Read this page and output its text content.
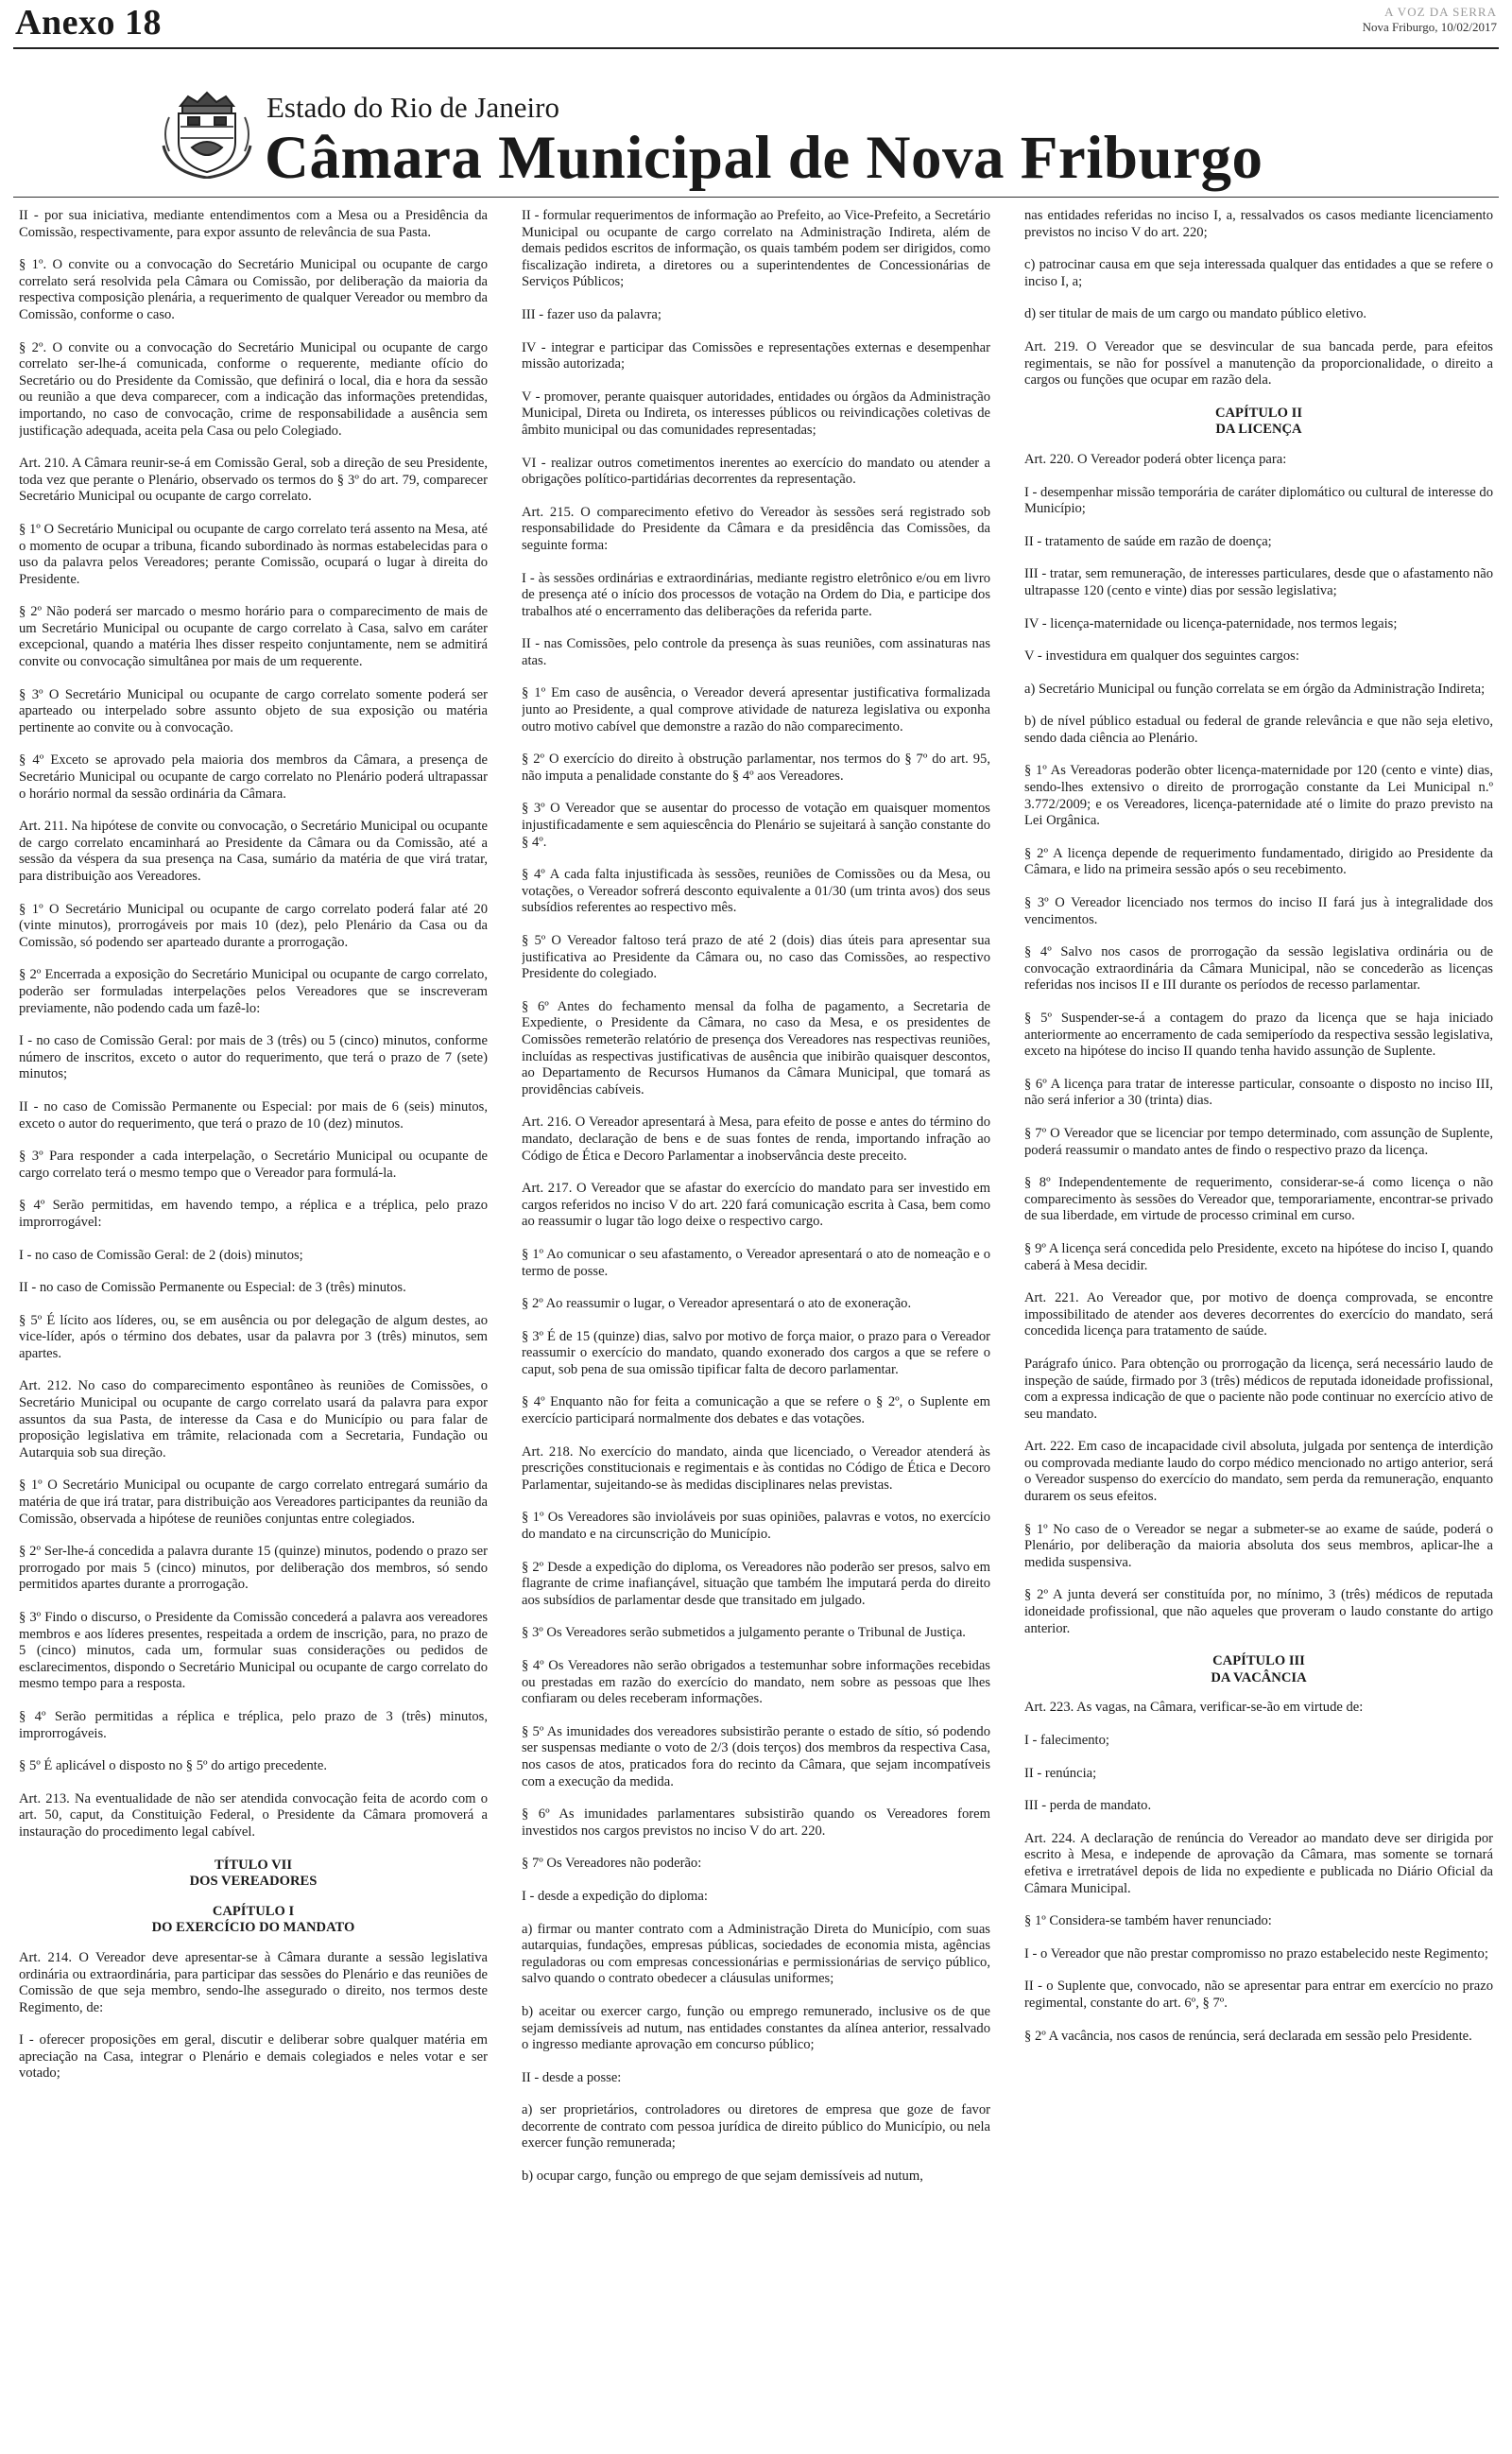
Anexo 18	A VOZ DA SERRA
Nova Friburgo, 10/02/2017
Estado do Rio de Janeiro
Câmara Municipal de Nova Friburgo

II - por sua iniciativa, mediante entendimentos com a Mesa ou a Presidência da Comissão, respectivamente, para expor assunto de relevância de sua Pasta.

§ 1º. O convite ou a convocação do Secretário Municipal ou ocupante de cargo correlato será resolvida pela Câmara ou Comissão, por deliberação da maioria da respectiva composição plenária, a requerimento de qualquer Vereador ou membro da Comissão, conforme o caso.

§ 2º. O convite ou a convocação do Secretário Municipal ou ocupante de cargo correlato ser-lhe-á comunicada, conforme o requerente, mediante ofício do Secretário ou do Presidente da Comissão, que definirá o local, dia e hora da sessão ou reunião a que deva comparecer, com a indicação das informações pretendidas, importando, no caso de convocação, crime de responsabilidade a ausência sem justificação adequada, aceita pela Casa ou pelo Colegiado.

Art. 210. A Câmara reunir-se-á em Comissão Geral, sob a direção de seu Presidente, toda vez que perante o Plenário, observado os termos do § 3º do art. 79, comparecer Secretário Municipal ou ocupante de cargo correlato.

§ 1º O Secretário Municipal ou ocupante de cargo correlato terá assento na Mesa, até o momento de ocupar a tribuna, ficando subordinado às normas estabelecidas para o uso da palavra pelos Vereadores; perante Comissão, ocupará o lugar à direita do Presidente.

§ 2º Não poderá ser marcado o mesmo horário para o comparecimento de mais de um Secretário Municipal ou ocupante de cargo correlato à Casa, salvo em caráter excepcional, quando a matéria lhes disser respeito conjuntamente, nem se admitirá convite ou convocação simultânea por mais de um requerente.

§ 3º O Secretário Municipal ou ocupante de cargo correlato somente poderá ser aparteado ou interpelado sobre assunto objeto de sua exposição ou matéria pertinente ao convite ou à convocação.

§ 4º Exceto se aprovado pela maioria dos membros da Câmara, a presença de Secretário Municipal ou ocupante de cargo correlato no Plenário poderá ultrapassar o horário normal da sessão ordinária da Câmara.

Art. 211. Na hipótese de convite ou convocação, o Secretário Municipal ou ocupante de cargo correlato encaminhará ao Presidente da Câmara ou da Comissão, até a sessão da véspera da sua presença na Casa, sumário da matéria de que virá tratar, para distribuição aos Vereadores.

§ 1º O Secretário Municipal ou ocupante de cargo correlato poderá falar até 20 (vinte minutos), prorrogáveis por mais 10 (dez), pelo Plenário da Casa ou da Comissão, só podendo ser aparteado durante a prorrogação.

§ 2º Encerrada a exposição do Secretário Municipal ou ocupante de cargo correlato, poderão ser formuladas interpelações pelos Vereadores que se inscreveram previamente, não podendo cada um fazê-lo:

I - no caso de Comissão Geral: por mais de 3 (três) ou 5 (cinco) minutos, conforme número de inscritos, exceto o autor do requerimento, que terá o prazo de 7 (sete) minutos;

II - no caso de Comissão Permanente ou Especial: por mais de 6 (seis) minutos, exceto o autor do requerimento, que terá o prazo de 10 (dez) minutos.

§ 3º Para responder a cada interpelação, o Secretário Municipal ou ocupante de cargo correlato terá o mesmo tempo que o Vereador para formulá-la.

§ 4º Serão permitidas, em havendo tempo, a réplica e a tréplica, pelo prazo improrrogável:

I - no caso de Comissão Geral: de 2 (dois) minutos;

II - no caso de Comissão Permanente ou Especial: de 3 (três) minutos.

§ 5º É lícito aos líderes, ou, se em ausência ou por delegação de algum destes, ao vice-líder, após o término dos debates, usar da palavra por 3 (três) minutos, sem apartes.

Art. 212. No caso do comparecimento espontâneo às reuniões de Comissões, o Secretário Municipal ou ocupante de cargo correlato usará da palavra para expor assuntos da sua Pasta, de interesse da Casa e do Município ou para falar de proposição legislativa em trâmite, relacionada com a Secretaria, Fundação ou Autarquia sob sua direção.

§ 1º O Secretário Municipal ou ocupante de cargo correlato entregará sumário da matéria de que irá tratar, para distribuição aos Vereadores participantes da reunião da Comissão, observada a hipótese de reuniões conjuntas entre colegiados.

§ 2º Ser-lhe-á concedida a palavra durante 15 (quinze) minutos, podendo o prazo ser prorrogado por mais 5 (cinco) minutos, por deliberação dos membros, só sendo permitidos apartes durante a prorrogação.

§ 3º Findo o discurso, o Presidente da Comissão concederá a palavra aos vereadores membros e aos líderes presentes, respeitada a ordem de inscrição, para, no prazo de 5 (cinco) minutos, cada um, formular suas considerações ou pedidos de esclarecimentos, dispondo o Secretário Municipal ou ocupante de cargo correlato do mesmo tempo para a resposta.

§ 4º Serão permitidas a réplica e tréplica, pelo prazo de 3 (três) minutos, improrrogáveis.

§ 5º É aplicável o disposto no § 5º do artigo precedente.

Art. 213. Na eventualidade de não ser atendida convocação feita de acordo com o art. 50, caput, da Constituição Federal, o Presidente da Câmara promoverá a instauração do procedimento legal cabível.

TÍTULO VII
DOS VEREADORES

CAPÍTULO I
DO EXERCÍCIO DO MANDATO

Art. 214. O Vereador deve apresentar-se à Câmara durante a sessão legislativa ordinária ou extraordinária, para participar das sessões do Plenário e das reuniões de Comissão de que seja membro, sendo-lhe assegurado o direito, nos termos deste Regimento, de:

I - oferecer proposições em geral, discutir e deliberar sobre qualquer matéria em apreciação na Casa, integrar o Plenário e demais colegiados e neles votar e ser votado;

II - formular requerimentos de informação ao Prefeito, ao Vice-Prefeito, a Secretário Municipal ou ocupante de cargo correlato na Administração Indireta, além de demais pedidos escritos de informação, os quais também podem ser dirigidos, como fiscalização indireta, a diretores ou a superintendentes de Concessionárias de Serviços Públicos;

III - fazer uso da palavra;

IV - integrar e participar das Comissões e representações externas e desempenhar missão autorizada;

V - promover, perante quaisquer autoridades, entidades ou órgãos da Administração Municipal, Direta ou Indireta, os interesses públicos ou reivindicações coletivas de âmbito municipal ou das comunidades representadas;

VI - realizar outros cometimentos inerentes ao exercício do mandato ou atender a obrigações político-partidárias decorrentes da representação.

Art. 215. O comparecimento efetivo do Vereador às sessões será registrado sob responsabilidade do Presidente da Câmara e da presidência das Comissões, da seguinte forma:

I - às sessões ordinárias e extraordinárias, mediante registro eletrônico e/ou em livro de presença até o início dos processos de votação na Ordem do Dia, e participe dos trabalhos até o encerramento das deliberações da referida parte.

II - nas Comissões, pelo controle da presença às suas reuniões, com assinaturas nas atas.

§ 1º Em caso de ausência, o Vereador deverá apresentar justificativa formalizada junto ao Presidente, a qual comprove atividade de natureza legislativa ou exponha outro motivo cabível que demonstre a razão do não comparecimento.

§ 2º O exercício do direito à obstrução parlamentar, nos termos do § 7º do art. 95, não imputa a penalidade constante do § 4º aos Vereadores.

§ 3º O Vereador que se ausentar do processo de votação em quaisquer momentos injustificadamente e sem aquiescência do Plenário se sujeitará à sanção constante do § 4º.

§ 4º A cada falta injustificada às sessões, reuniões de Comissões ou da Mesa, ou votações, o Vereador sofrerá desconto equivalente a 01/30 (um trinta avos) dos seus subsídios referentes ao respectivo mês.

§ 5º O Vereador faltoso terá prazo de até 2 (dois) dias úteis para apresentar sua justificativa ao Presidente da Câmara ou, no caso das Comissões, ao respectivo Presidente do colegiado.

§ 6º Antes do fechamento mensal da folha de pagamento, a Secretaria de Expediente, o Presidente da Câmara, no caso da Mesa, e os presidentes de Comissões remeterão relatório de presença dos Vereadores nas respectivas reuniões, incluídas as respectivas justificativas de ausência que inibirão quaisquer descontos, ao Departamento de Recursos Humanos da Câmara Municipal, que tomará as providências cabíveis.

Art. 216. O Vereador apresentará à Mesa, para efeito de posse e antes do término do mandato, declaração de bens e de suas fontes de renda, importando infração ao Código de Ética e Decoro Parlamentar a inobservância deste preceito.

Art. 217. O Vereador que se afastar do exercício do mandato para ser investido em cargos referidos no inciso V do art. 220 fará comunicação escrita à Casa, bem como ao reassumir o lugar tão logo deixe o respectivo cargo.

§ 1º Ao comunicar o seu afastamento, o Vereador apresentará o ato de nomeação e o termo de posse.

§ 2º Ao reassumir o lugar, o Vereador apresentará o ato de exoneração.

§ 3º É de 15 (quinze) dias, salvo por motivo de força maior, o prazo para o Vereador reassumir o exercício do mandato, quando exonerado dos cargos a que se refere o caput, sob pena de sua omissão tipificar falta de decoro parlamentar.

§ 4º Enquanto não for feita a comunicação a que se refere o § 2º, o Suplente em exercício participará normalmente dos debates e das votações.

Art. 218. No exercício do mandato, ainda que licenciado, o Vereador atenderá às prescrições constitucionais e regimentais e às contidas no Código de Ética e Decoro Parlamentar, sujeitando-se às medidas disciplinares nelas previstas.

§ 1º Os Vereadores são invioláveis por suas opiniões, palavras e votos, no exercício do mandato e na circunscrição do Município.

§ 2º Desde a expedição do diploma, os Vereadores não poderão ser presos, salvo em flagrante de crime inafiançável, situação que também lhe imputará perda do direito aos subsídios de parlamentar desde que transitado em julgado.

§ 3º Os Vereadores serão submetidos a julgamento perante o Tribunal de Justiça.

§ 4º Os Vereadores não serão obrigados a testemunhar sobre informações recebidas ou prestadas em razão do exercício do mandato, nem sobre as pessoas que lhes confiaram ou deles receberam informações.

§ 5º As imunidades dos vereadores subsistirão perante o estado de sítio, só podendo ser suspensas mediante o voto de 2/3 (dois terços) dos membros da respectiva Casa, nos casos de atos, praticados fora do recinto da Câmara, que sejam incompatíveis com a execução da medida.

§ 6º As imunidades parlamentares subsistirão quando os Vereadores forem investidos nos cargos previstos no inciso V do art. 220.

§ 7º Os Vereadores não poderão:

I - desde a expedição do diploma:

a) firmar ou manter contrato com a Administração Direta do Município, com suas autarquias, fundações, empresas públicas, sociedades de economia mista, agências reguladoras ou com empresas concessionárias e permissionárias de serviço público, salvo quando o contrato obedecer a cláusulas uniformes;

b) aceitar ou exercer cargo, função ou emprego remunerado, inclusive os de que sejam demissíveis ad nutum, nas entidades constantes da alínea anterior, ressalvado o ingresso mediante aprovação em concurso público;

II - desde a posse:

a) ser proprietários, controladores ou diretores de empresa que goze de favor decorrente de contrato com pessoa jurídica de direito público do Município, ou nela exercer função remunerada;

b) ocupar cargo, função ou emprego de que sejam demissíveis ad nutum,

nas entidades referidas no inciso I, a, ressalvados os casos mediante licenciamento previstos no inciso V do art. 220;

c) patrocinar causa em que seja interessada qualquer das entidades a que se refere o inciso I, a;

d) ser titular de mais de um cargo ou mandato público eletivo.

Art. 219. O Vereador que se desvincular de sua bancada perde, para efeitos regimentais, se não for possível a manutenção da proporcionalidade, o direito a cargos ou funções que ocupar em razão dela.

CAPÍTULO II
DA LICENÇA

Art. 220. O Vereador poderá obter licença para:

I - desempenhar missão temporária de caráter diplomático ou cultural de interesse do Município;

II - tratamento de saúde em razão de doença;

III - tratar, sem remuneração, de interesses particulares, desde que o afastamento não ultrapasse 120 (cento e vinte) dias por sessão legislativa;

IV - licença-maternidade ou licença-paternidade, nos termos legais;

V - investidura em qualquer dos seguintes cargos:

a) Secretário Municipal ou função correlata se em órgão da Administração Indireta;

b) de nível público estadual ou federal de grande relevância e que não seja eletivo, sendo dada ciência ao Plenário.

§ 1º As Vereadoras poderão obter licença-maternidade por 120 (cento e vinte) dias, sendo-lhes extensivo o direito de prorrogação constante da Lei Municipal n.º 3.772/2009; e os Vereadores, licença-paternidade até o limite do prazo previsto na Lei Orgânica.

§ 2º A licença depende de requerimento fundamentado, dirigido ao Presidente da Câmara, e lido na primeira sessão após o seu recebimento.

§ 3º O Vereador licenciado nos termos do inciso II fará jus à integralidade dos vencimentos.

§ 4º Salvo nos casos de prorrogação da sessão legislativa ordinária ou de convocação extraordinária da Câmara Municipal, não se concederão as licenças referidas nos incisos II e III durante os períodos de recesso parlamentar.

§ 5º Suspender-se-á a contagem do prazo da licença que se haja iniciado anteriormente ao encerramento de cada semiperíodo da respectiva sessão legislativa, exceto na hipótese do inciso II quando tenha havido assunção de Suplente.

§ 6º A licença para tratar de interesse particular, consoante o disposto no inciso III, não será inferior a 30 (trinta) dias.

§ 7º O Vereador que se licenciar por tempo determinado, com assunção de Suplente, poderá reassumir o mandato antes de findo o respectivo prazo da licença.

§ 8º Independentemente de requerimento, considerar-se-á como licença o não comparecimento às sessões do Vereador que, temporariamente, encontrar-se privado de sua liberdade, em virtude de processo criminal em curso.

§ 9º A licença será concedida pelo Presidente, exceto na hipótese do inciso I, quando caberá à Mesa decidir.

Art. 221. Ao Vereador que, por motivo de doença comprovada, se encontre impossibilitado de atender aos deveres decorrentes do exercício do mandato, será concedida licença para tratamento de saúde.

Parágrafo único. Para obtenção ou prorrogação da licença, será necessário laudo de inspeção de saúde, firmado por 3 (três) médicos de reputada idoneidade profissional, com a expressa indicação de que o paciente não pode continuar no exercício ativo de seu mandato.

Art. 222. Em caso de incapacidade civil absoluta, julgada por sentença de interdição ou comprovada mediante laudo do corpo médico mencionado no artigo anterior, será o Vereador suspenso do exercício do mandato, sem perda da remuneração, enquanto durarem os seus efeitos.

§ 1º No caso de o Vereador se negar a submeter-se ao exame de saúde, poderá o Plenário, por deliberação da maioria absoluta dos seus membros, aplicar-lhe a medida suspensiva.

§ 2º A junta deverá ser constituída por, no mínimo, 3 (três) médicos de reputada idoneidade profissional, que não aqueles que proveram o laudo constante do artigo anterior.

CAPÍTULO III
DA VACÂNCIA

Art. 223. As vagas, na Câmara, verificar-se-ão em virtude de:

I - falecimento;

II - renúncia;

III - perda de mandato.

Art. 224. A declaração de renúncia do Vereador ao mandato deve ser dirigida por escrito à Mesa, e independe de aprovação da Câmara, mas somente se tornará efetiva e irretratável depois de lida no expediente e publicada no Diário Oficial da Câmara Municipal.

§ 1º Considera-se também haver renunciado:

I - o Vereador que não prestar compromisso no prazo estabelecido neste Regimento;

II - o Suplente que, convocado, não se apresentar para entrar em exercício no prazo regimental, constante do art. 6º, § 7º.

§ 2º A vacância, nos casos de renúncia, será declarada em sessão pelo Presidente.
